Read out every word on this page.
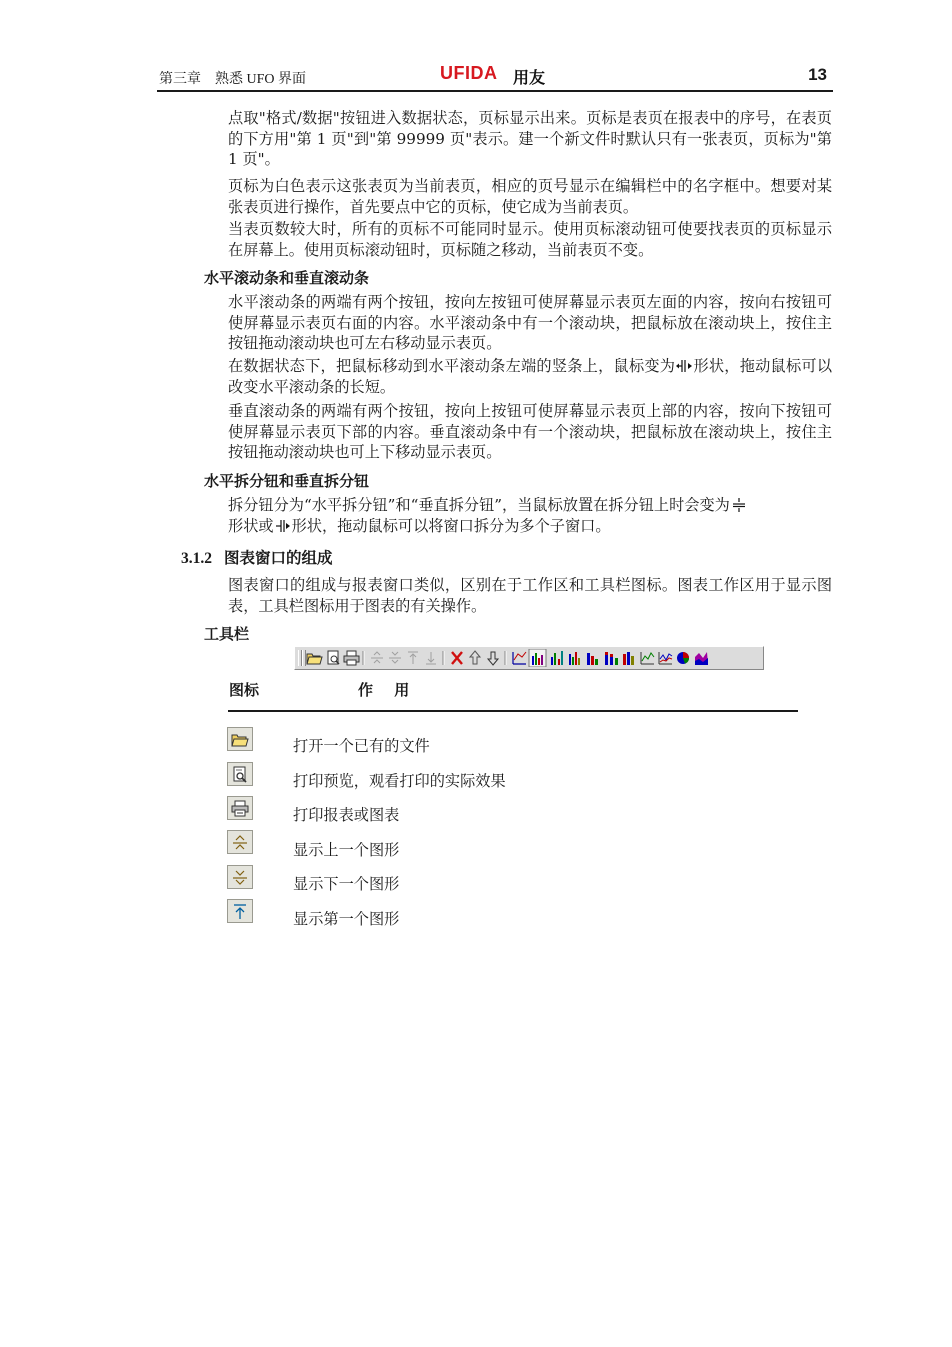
第三章　熟悉 UFO 界面	UFIDA 用友	13
点取"格式/数据"按钮进入数据状态，页标显示出来。页标是表页在报表中的序号，在表页的下方用"第 1 页"到"第 99999 页"表示。建一个新文件时默认只有一张表页，页标为"第 1 页"。
页标为白色表示这张表页为当前表页，相应的页号显示在编辑栏中的名字框中。想要对某张表页进行操作，首先要点中它的页标，使它成为当前表页。
当表页数较大时，所有的页标不可能同时显示。使用页标滚动钮可使要找表页的页标显示在屏幕上。使用页标滚动钮时，页标随之移动，当前表页不变。
水平滚动条和垂直滚动条
水平滚动条的两端有两个按钮，按向左按钮可使屏幕显示表页左面的内容，按向右按钮可使屏幕显示表页右面的内容。水平滚动条中有一个滚动块，把鼠标放在滚动块上，按住主按钮拖动滚动块也可左右移动显示表页。
在数据状态下，把鼠标移动到水平滚动条左端的竖条上，鼠标变为 形状，拖动鼠标可以改变水平滚动条的长短。
垂直滚动条的两端有两个按钮，按向上按钮可使屏幕显示表页上部的内容，按向下按钮可使屏幕显示表页下部的内容。垂直滚动条中有一个滚动块，把鼠标放在滚动块上，按住主按钮拖动滚动块也可上下移动显示表页。
水平拆分钮和垂直拆分钮
拆分钮分为“水平拆分钮”和“垂直拆分钮”，当鼠标放置在拆分钮上时会变为
形状或 形状，拖动鼠标可以将窗口拆分为多个子窗口。
3.1.2 图表窗口的组成
图表窗口的组成与报表窗口类似，区别在于工作区和工具栏图标。图表工作区用于显示图表，工具栏图标用于图表的有关操作。
工具栏
图标	作 用
打开一个已有的文件
打印预览，观看打印的实际效果
打印报表或图表
显示上一个图形
显示下一个图形
显示第一个图形
